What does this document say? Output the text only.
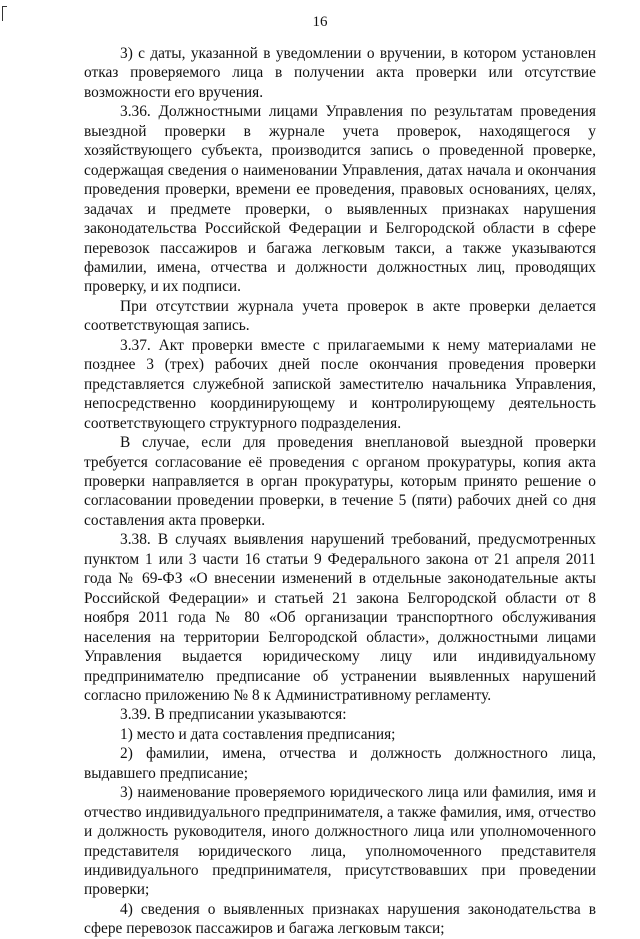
16

3) с даты, указанной в уведомлении о вручении, в котором установлен отказ проверяемого лица в получении акта проверки или отсутствие возможности его вручения.

3.36. Должностными лицами Управления по результатам проведения выездной проверки в журнале учета проверок, находящегося у хозяйствующего субъекта, производится запись о проведенной проверке, содержащая сведения о наименовании Управления, датах начала и окончания проведения проверки, времени ее проведения, правовых основаниях, целях, задачах и предмете проверки, о выявленных признаках нарушения законодательства Российской Федерации и Белгородской области в сфере перевозок пассажиров и багажа легковым такси, а также указываются фамилии, имена, отчества и должности должностных лиц, проводящих проверку, и их подписи.

При отсутствии журнала учета проверок в акте проверки делается соответствующая запись.

3.37. Акт проверки вместе с прилагаемыми к нему материалами не позднее 3 (трех) рабочих дней после окончания проведения проверки представляется служебной запиской заместителю начальника Управления, непосредственно координирующему и контролирующему деятельность соответствующего структурного подразделения.

В случае, если для проведения внеплановой выездной проверки требуется согласование её проведения с органом прокуратуры, копия акта проверки направляется в орган прокуратуры, которым принято решение о согласовании проведении проверки, в течение 5 (пяти) рабочих дней со дня составления акта проверки.

3.38. В случаях выявления нарушений требований, предусмотренных пунктом 1 или 3 части 16 статьи 9 Федерального закона от 21 апреля 2011 года № 69-ФЗ «О внесении изменений в отдельные законодательные акты Российской Федерации» и статьей 21 закона Белгородской области от 8 ноября 2011 года № 80 «Об организации транспортного обслуживания населения на территории Белгородской области», должностными лицами Управления выдается юридическому лицу или индивидуальному предпринимателю предписание об устранении выявленных нарушений согласно приложению № 8 к Административному регламенту.

3.39. В предписании указываются:

1) место и дата составления предписания;

2) фамилии, имена, отчества и должность должностного лица, выдавшего предписание;

3) наименование проверяемого юридического лица или фамилия, имя и отчество индивидуального предпринимателя, а также фамилия, имя, отчество и должность руководителя, иного должностного лица или уполномоченного представителя юридического лица, уполномоченного представителя индивидуального предпринимателя, присутствовавших при проведении проверки;

4) сведения о выявленных признаках нарушения законодательства в сфере перевозок пассажиров и багажа легковым такси;
